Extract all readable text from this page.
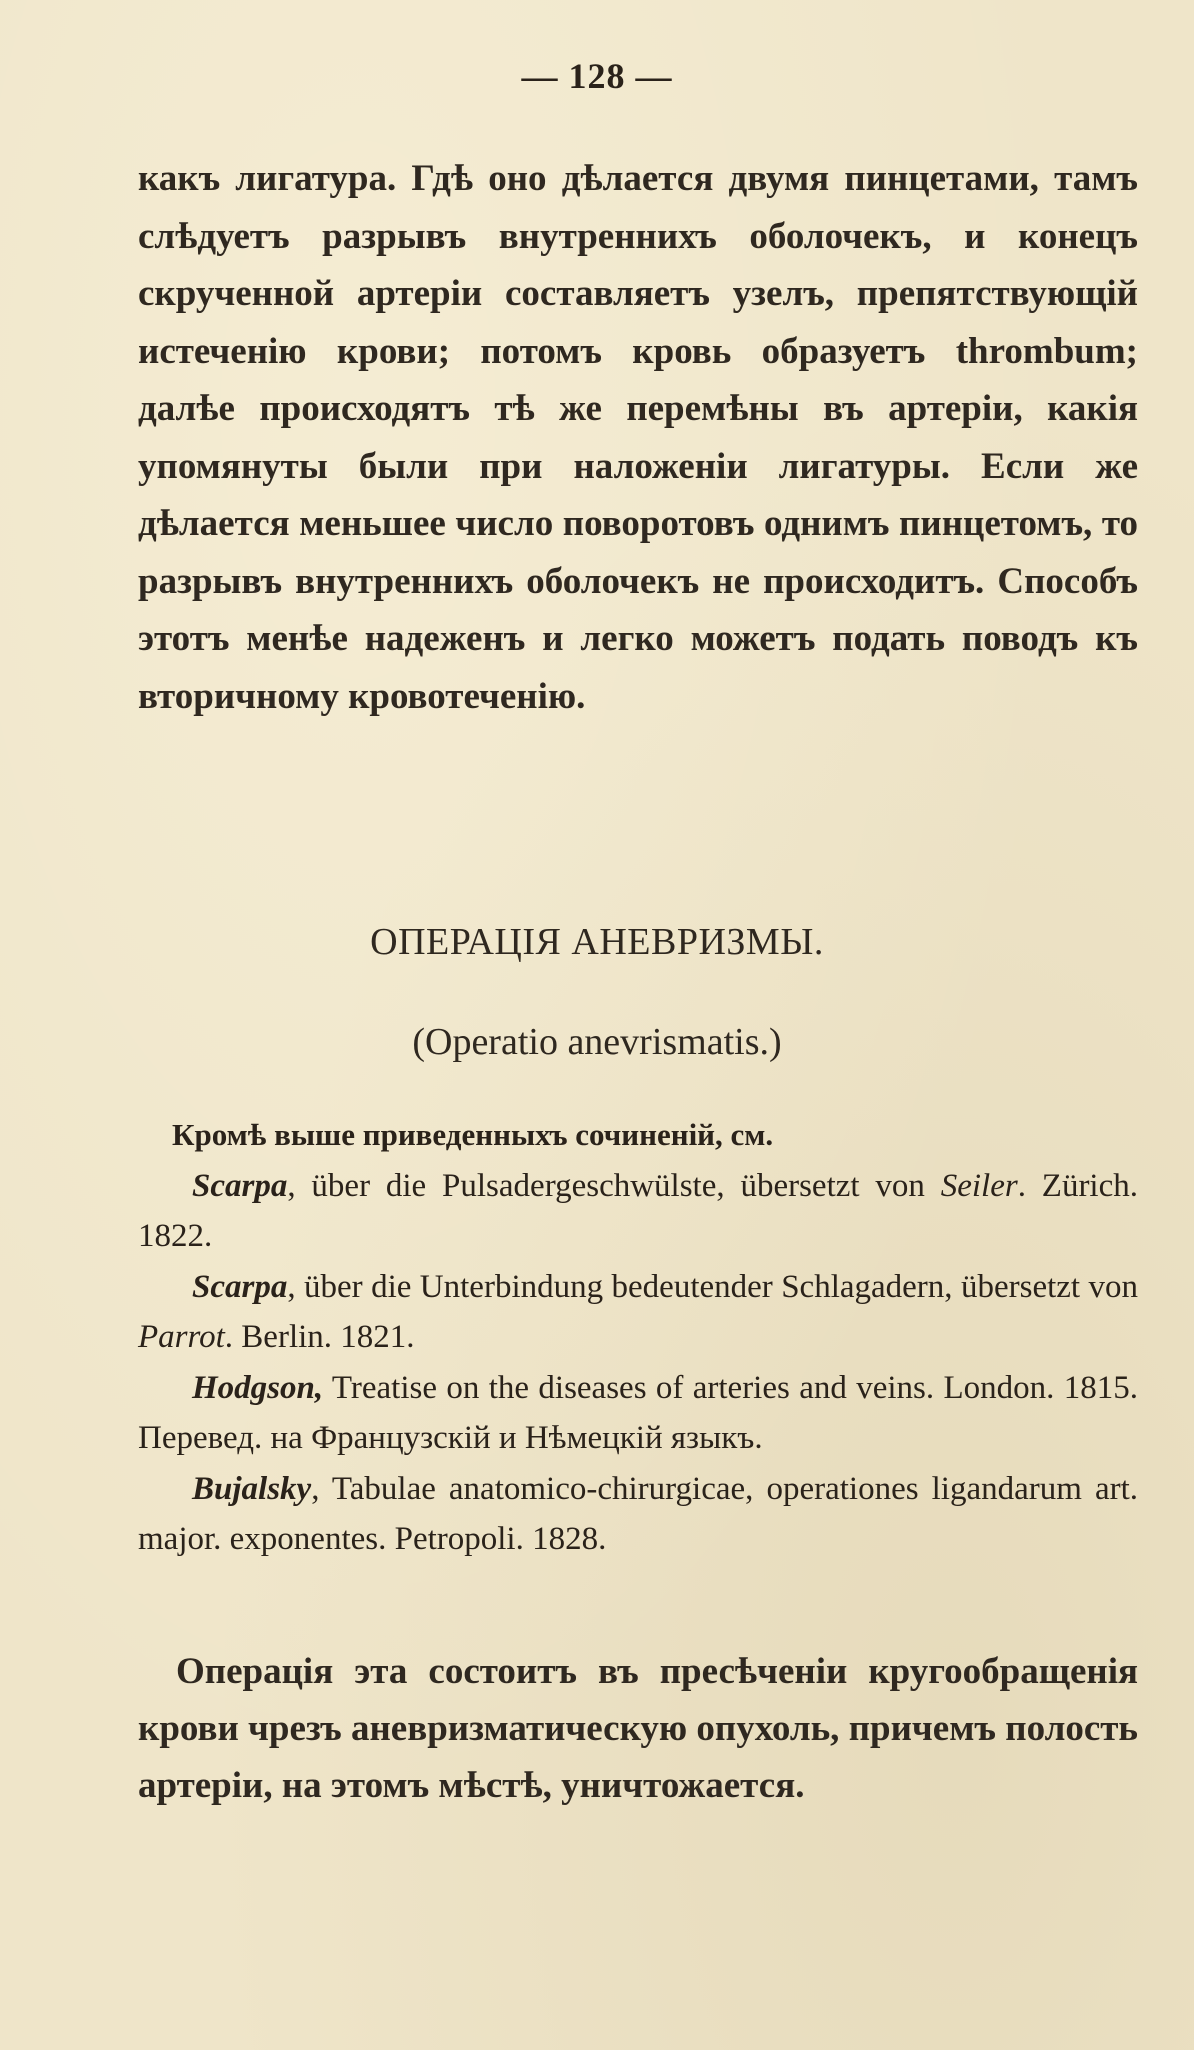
— 128 —
какъ лигатура. Гдѣ оно дѣлается двумя пинцетами, тамъ слѣдуетъ разрывъ внутреннихъ оболочекъ, и конецъ скрученной артеріи составляетъ узелъ, препятствующій истеченію крови; потомъ кровь образуетъ thrombum; далѣе происходятъ тѣ же перемѣны въ артеріи, какія упомянуты были при наложеніи лигатуры. Если же дѣлается меньшее число поворотовъ однимъ пинцетомъ, то разрывъ внутреннихъ оболочекъ не происходитъ. Способъ этотъ менѣе надеженъ и легко можетъ подать поводъ къ вторичному кровотеченію.
ОПЕРАЦІЯ АНЕВРИЗМЫ.
(Operatio anevrismatis.)
Кромѣ выше приведенныхъ сочиненій, см.
Scarpa, über die Pulsadergeschwülste, übersetzt von Seiler. Zürich. 1822.
Scarpa, über die Unterbindung bedeutender Schlagadern, übersetzt von Parrot. Berlin. 1821.
Hodgson, Treatise on the diseases of arteries and veins. London. 1815. Перевед. на Французскій и Нѣмецкій языкъ.
Bujalsky, Tabulae anatomico-chirurgicae, operationes ligandarum art. major. exponentes. Petropoli. 1828.
Операція эта состоитъ въ пресѣченіи кругообращенія крови чрезъ аневризматическую опухоль, причемъ полость артеріи, на этомъ мѣстѣ, уничтожается.
